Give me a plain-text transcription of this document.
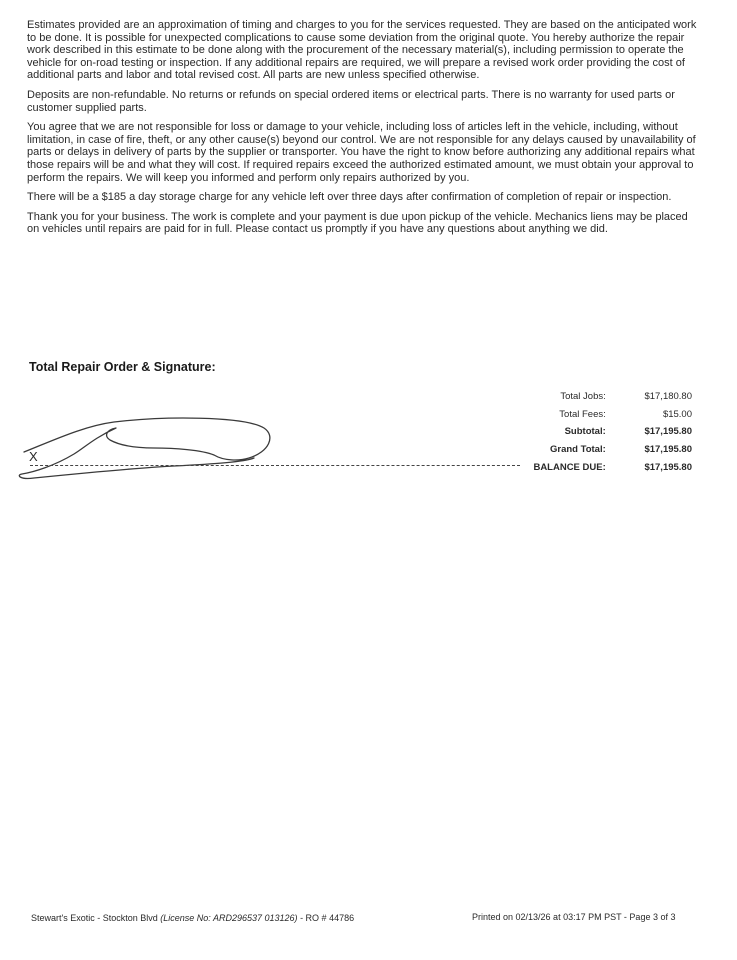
Estimates provided are an approximation of timing and charges to you for the services requested. They are based on the anticipated work to be done. It is possible for unexpected complications to cause some deviation from the original quote. You hereby authorize the repair work described in this estimate to be done along with the procurement of the necessary material(s), including permission to operate the vehicle for on-road testing or inspection. If any additional repairs are required, we will prepare a revised work order providing the cost of additional parts and labor and total revised cost. All parts are new unless specified otherwise.

Deposits are non-refundable. No returns or refunds on special ordered items or electrical parts. There is no warranty for used parts or customer supplied parts.

You agree that we are not responsible for loss or damage to your vehicle, including loss of articles left in the vehicle, including, without limitation, in case of fire, theft, or any other cause(s) beyond our control. We are not responsible for any delays caused by unavailability of parts or delays in delivery of parts by the supplier or transporter. You have the right to know before authorizing any additional repairs what those repairs will be and what they will cost. If required repairs exceed the authorized estimated amount, we must obtain your approval to perform the repairs. We will keep you informed and perform only repairs authorized by you.

There will be a $185 a day storage charge for any vehicle left over three days after confirmation of completion of repair or inspection.

Thank you for your business. The work is complete and your payment is due upon pickup of the vehicle. Mechanics liens may be placed on vehicles until repairs are paid for in full. Please contact us promptly if you have any questions about anything we did.

Total Repair Order & Signature:
X
Total Jobs:	$17,180.80
Total Fees:	$15.00
Subtotal:	$17,195.80
Grand Total:	$17,195.80
BALANCE DUE:	$17,195.80
Stewart's Exotic - Stockton Blvd (License No: ARD296537 013126) - RO # 44786	Printed on 02/13/26 at 03:17 PM PST - Page 3 of 3
